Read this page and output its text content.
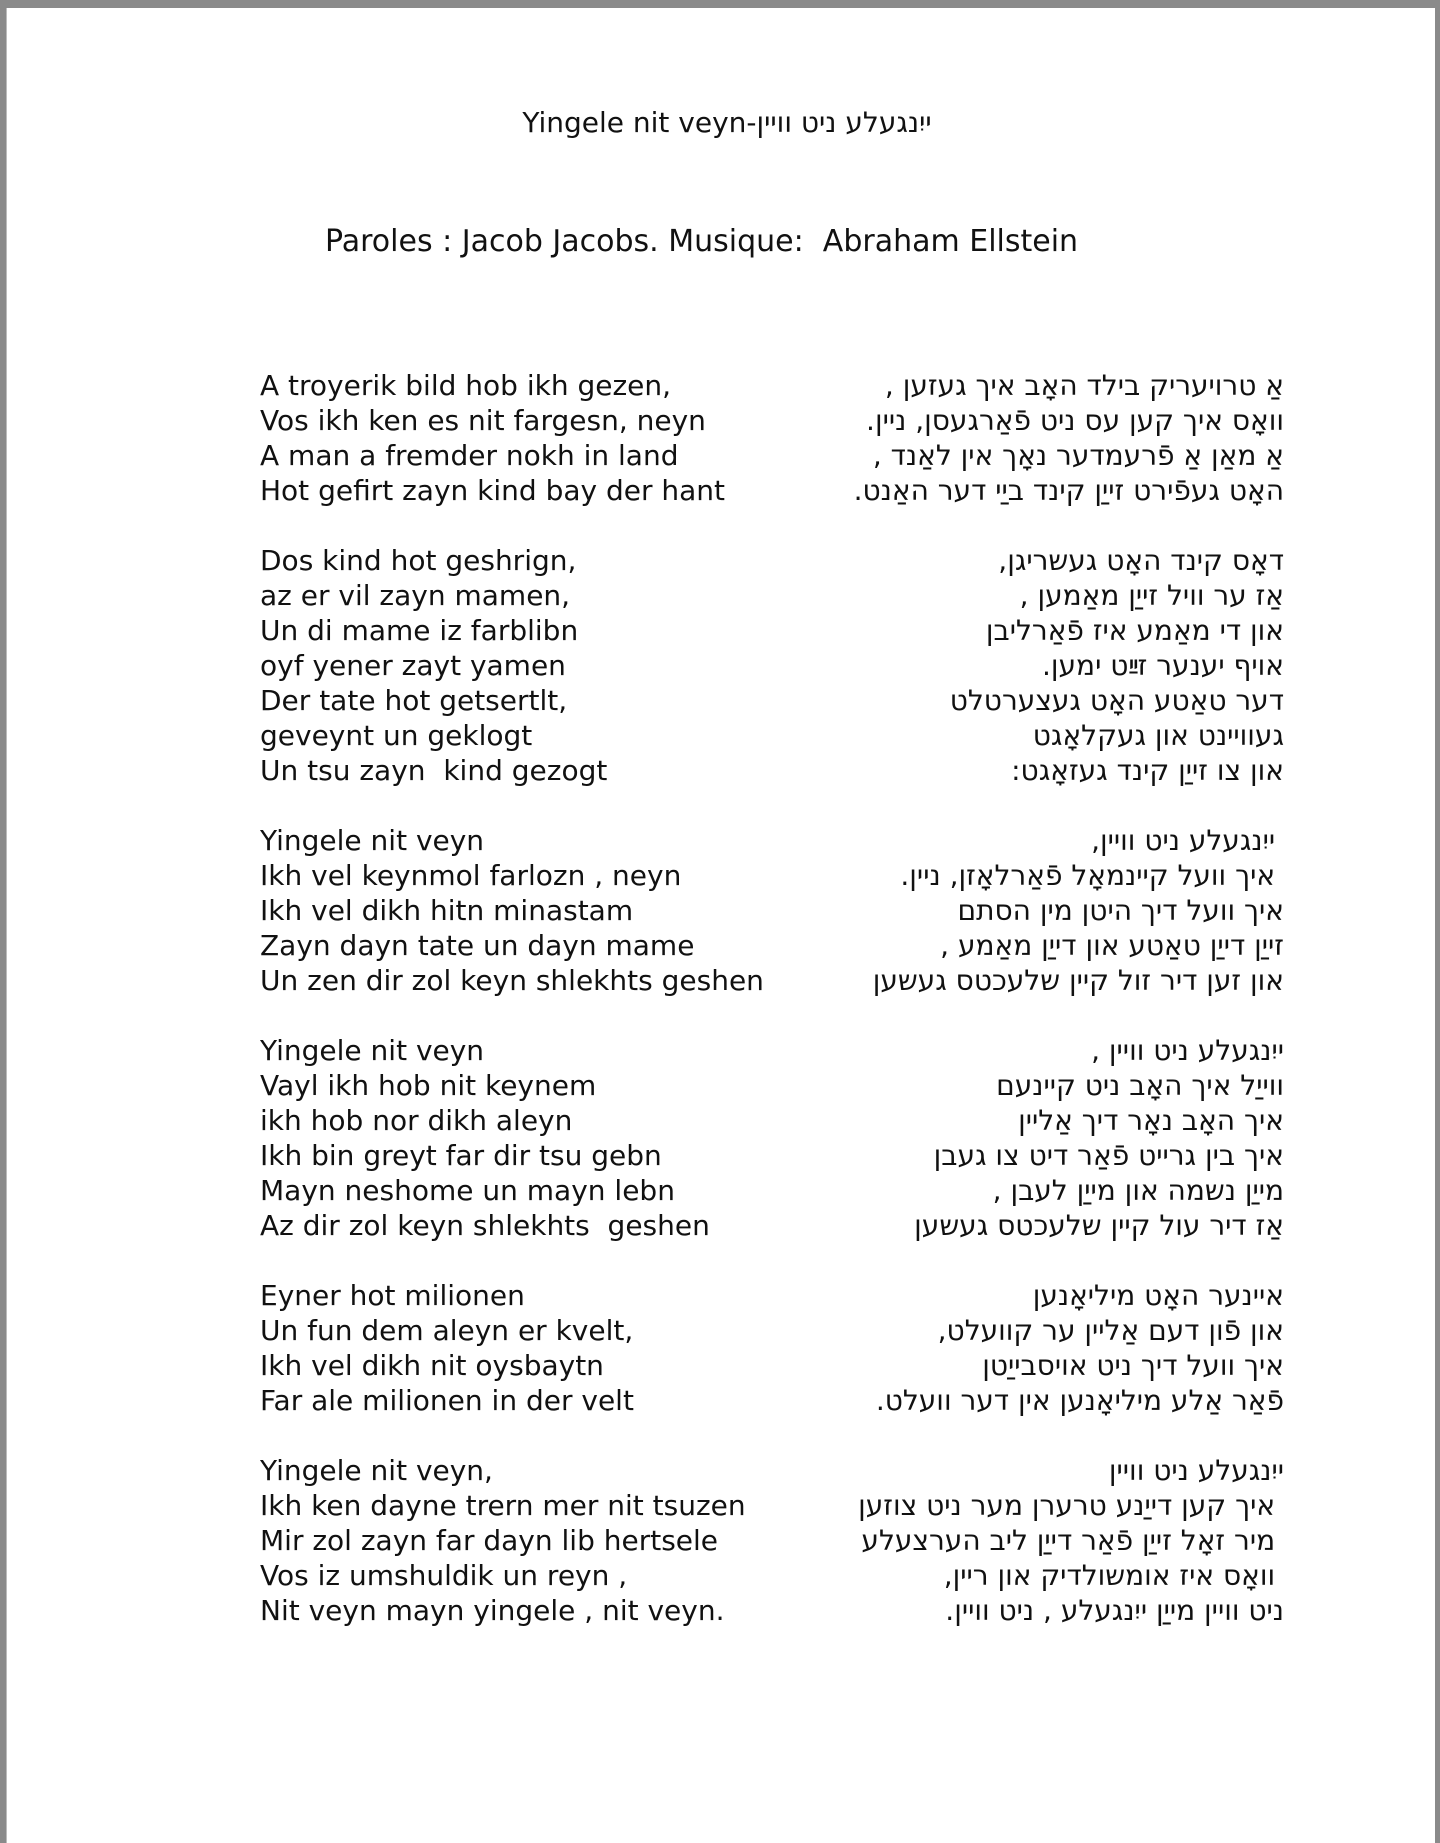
Yingele nit veyn-ייִנגעלע ניט וויין
Paroles : Jacob Jacobs. Musique:  Abraham Ellstein
A troyerik bild hob ikh gezen,	אַ טרויעריק בילד האָב איך געזען ,
Vos ikh ken es nit fargesn, neyn	וואָס איך קען עס ניט פֿאַרגעסן, ניין.
A man a fremder nokh in land	אַ מאַן אַ פֿרעמדער נאָך אין לאַנד ,
Hot gefirt zayn kind bay der hant	האָט געפֿירט זייַן קינד ביַי דער האַנט.
Dos kind hot geshrign,	דאָס קינד האָט געשריגן,
az er vil zayn mamen,	אַז ער וויל זייַן מאַמען ,
Un di mame iz farblibn	און די מאַמע איז פֿאַרליבן
oyf yener zayt yamen	אויף יענער זײַט ימען.
Der tate hot getsertlt,	דער טאַטע האָט געצערטלט
geveynt un geklogt	געוויינט און געקלאָגט
Un tsu zayn  kind gezogt	און צו זייַן קינד געזאָגט:
Yingele nit veyn	ייִנגעלע ניט וויין,
Ikh vel keynmol farlozn , neyn	איך וועל קיינמאָל פֿאַרלאָזן, ניין.
Ikh vel dikh hitn minastam	איך וועל דיך היטן מין הסתם
Zayn dayn tate un dayn mame	זייַן דייַן טאַטע און דייַן מאַמע ,
Un zen dir zol keyn shlekhts geshen	און זען דיר זול קיין שלעכטס געשען
Yingele nit veyn	ייִנגעלע ניט וויין ,
Vayl ikh hob nit keynem	ווייַל איך האָב ניט קיינעם
ikh hob nor dikh aleyn	איך האָב נאָר דיך אַליין
Ikh bin greyt far dir tsu gebn	איך בין גרייט פֿאַר דיט צו געבן
Mayn neshome un mayn lebn	מייַן נשמה און מייַן לעבן ,
Az dir zol keyn shlekhts  geshen	אַז דיר עול קיין שלעכטס געשען
Eyner hot milionen	איינער האָט מיליאָנען
Un fun dem aleyn er kvelt,	און פֿון דעם אַליין ער קוועלט,
Ikh vel dikh nit oysbaytn	איך וועל דיך ניט אויסבייַטן
Far ale milionen in der velt	פֿאַר אַלע מיליאָנען אין דער וועלט.
Yingele nit veyn,	ייִנגעלע ניט וויין
Ikh ken dayne trern mer nit tsuzen	איך קען דייַנע טרערן מער ניט צוזען
Mir zol zayn far dayn lib hertsele	מיר זאָל זייַן פֿאַר דייַן ליב הערצעלע
Vos iz umshuldik un reyn ,	וואָס איז אומשולדיק און ריין,
Nit veyn mayn yingele , nit veyn.	ניט וויין מייַן ייִנגעלע , ניט וויין.
